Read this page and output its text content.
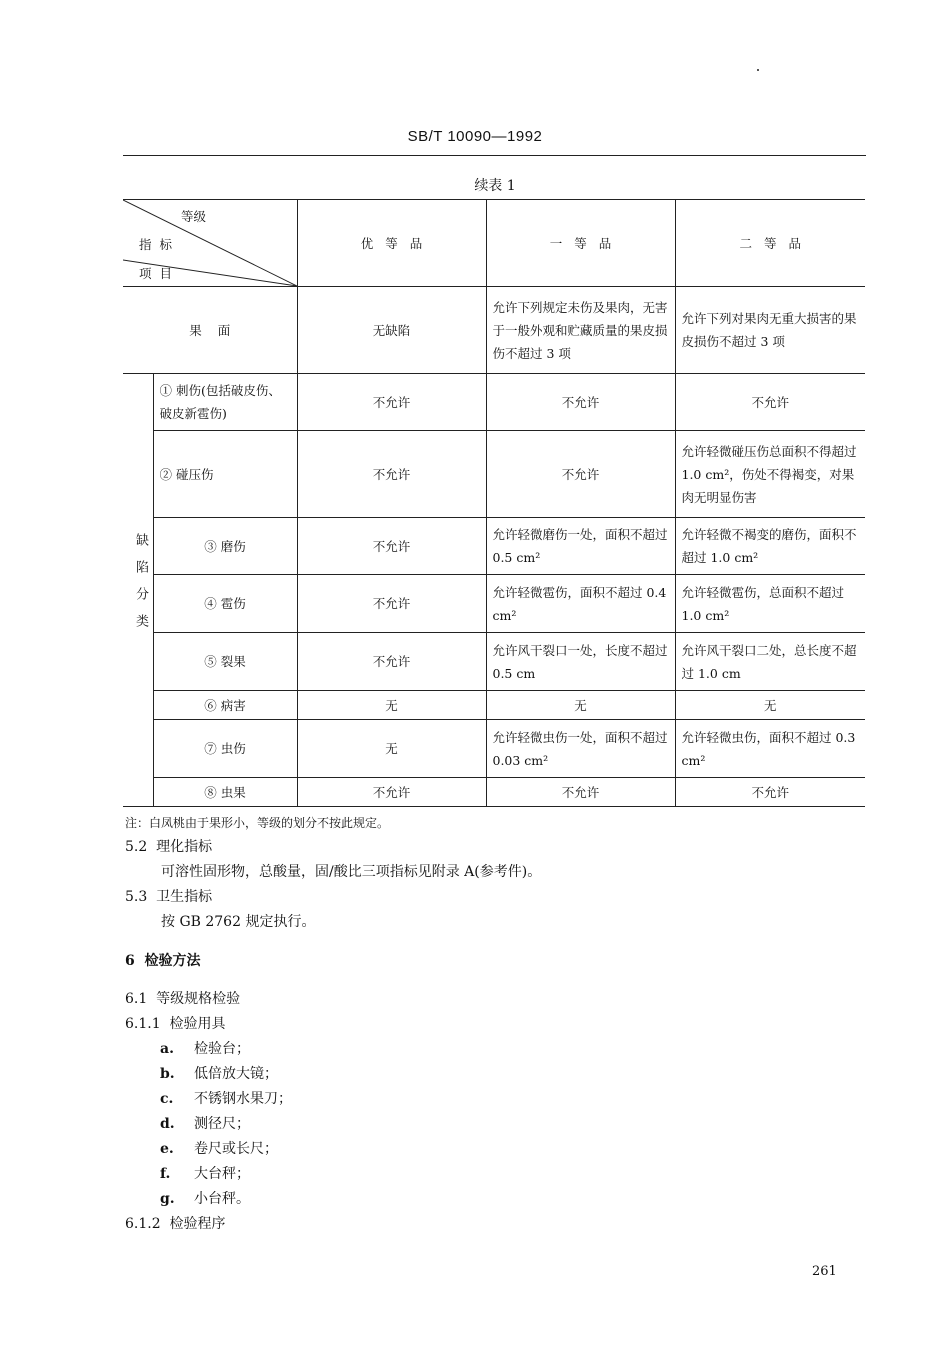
SB/T 10090—1992
续表 1
等级
指  标
项  目		优 等 品	一 等 品	二 等 品
果    面		无缺陷	允许下列规定未伤及果肉，无害于一般外观和贮藏质量的果皮损伤不超过 3 项	允许下列对果肉无重大损害的果皮损伤不超过 3 项
缺陷分类	① 刺伤(包括破皮伤、破皮新雹伤)	不允许	不允许	不允许
	② 碰压伤	不允许	不允许	允许轻微碰压伤总面积不得超过 1.0 cm²，伤处不得褐变，对果肉无明显伤害
	③ 磨伤	不允许	允许轻微磨伤一处，面积不超过 0.5 cm²	允许轻微不褐变的磨伤，面积不超过 1.0 cm²
	④ 雹伤	不允许	允许轻微雹伤，面积不超过 0.4 cm²	允许轻微雹伤，总面积不超过 1.0 cm²
	⑤ 裂果	不允许	允许风干裂口一处，长度不超过 0.5 cm	允许风干裂口二处，总长度不超过 1.0 cm
	⑥ 病害	无	无	无
	⑦ 虫伤	无	允许轻微虫伤一处，面积不超过 0.03 cm²	允许轻微虫伤，面积不超过 0.3 cm²
	⑧ 虫果	不允许	不允许	不允许
注：白凤桃由于果形小，等级的划分不按此规定。
5.2  理化指标
可溶性固形物，总酸量，固/酸比三项指标见附录 A(参考件)。
5.3  卫生指标
按 GB 2762 规定执行。
6  检验方法
6.1  等级规格检验
6.1.1  检验用具
a. 检验台；
b. 低倍放大镜；
c. 不锈钢水果刀；
d. 测径尺；
e. 卷尺或长尺；
f. 大台秤；
g. 小台秤。
6.1.2  检验程序
261
